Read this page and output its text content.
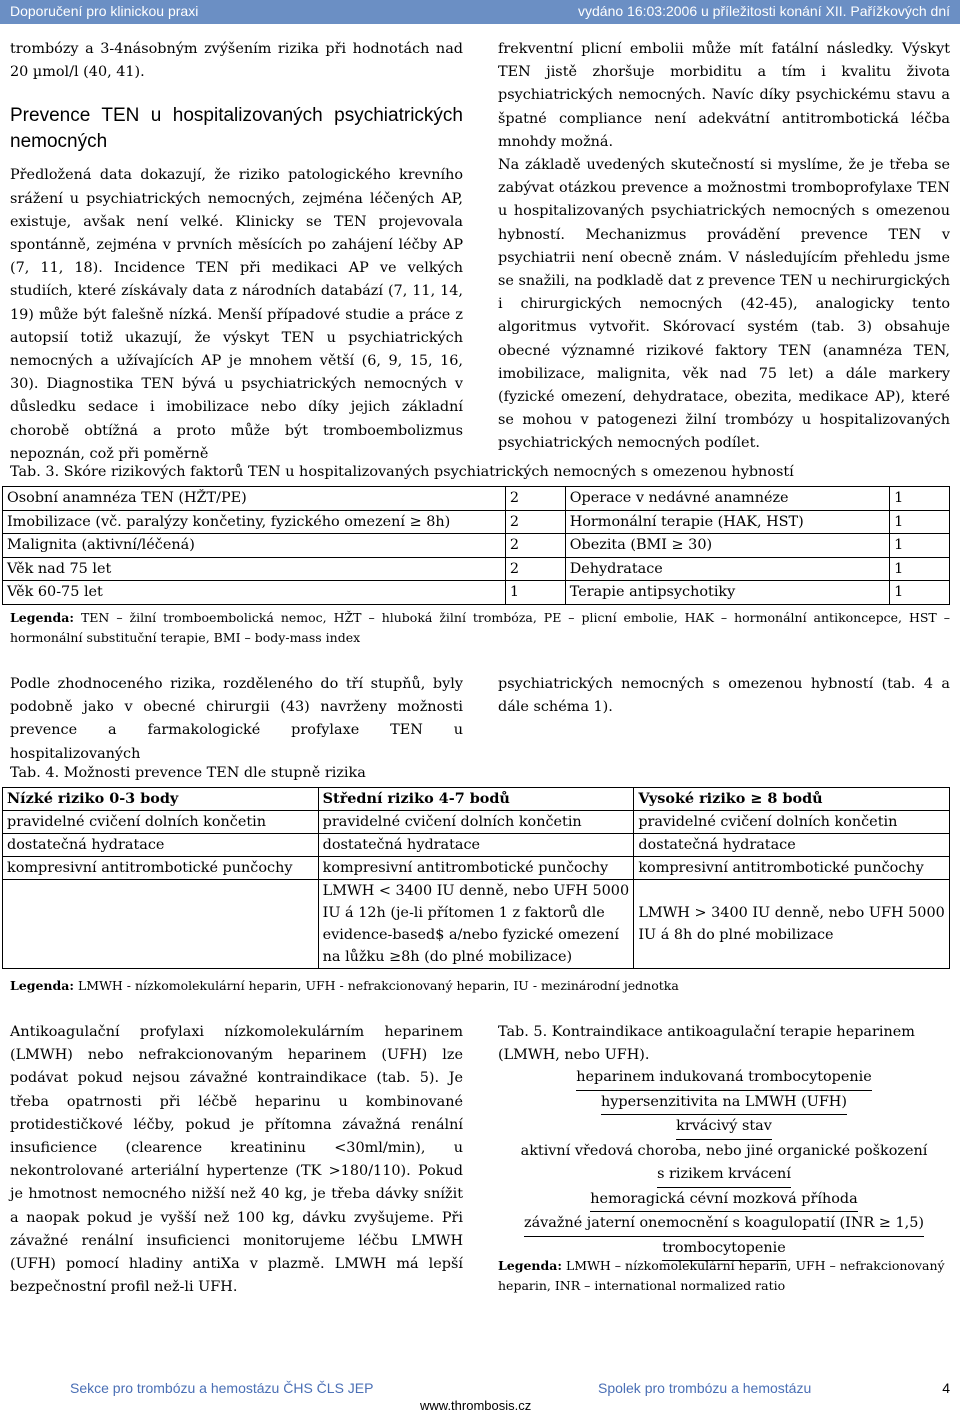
Doporučení pro klinickou praxi	vydáno 16:03:2006 u příležitosti konání XII. Pařížkových dní

trombózy a 3-4násobným zvýšením rizika při hodnotách nad 20 µmol/l (40, 41).

Prevence TEN u hospitalizovaných psychiatrických nemocných

Předložená data dokazují, že riziko patologického krevního srážení u psychiatrických nemocných, zejména léčených AP, existuje, avšak není velké. Klinicky se TEN projevovala spontánně, zejména v prvních měsících po zahájení léčby AP (7, 11, 18). Incidence TEN při medikaci AP ve velkých studiích, které získávaly data z národních databází (7, 11, 14, 19) může být falešně nízká. Menší případové studie a práce z autopsií totiž ukazují, že výskyt TEN u psychiatrických nemocných a užívajících AP je mnohem větší (6, 9, 15, 16, 30). Diagnostika TEN bývá u psychiatrických nemocných v důsledku sedace i imobilizace nebo díky jejich základní chorobě obtížná a proto může být tromboembolizmus nepoznán, což při poměrně

frekventní plicní embolii může mít fatální následky. Výskyt TEN jistě zhoršuje morbiditu a tím i kvalitu života psychiatrických nemocných. Navíc díky psychickému stavu a špatné compliance není adekvátní antitrombotická léčba mnohdy možná.

Na základě uvedených skutečností si myslíme, že je třeba se zabývat otázkou prevence a možnostmi tromboprofylaxe TEN u hospitalizovaných psychiatrických nemocných s omezenou hybností. Mechanizmus provádění prevence TEN v psychiatrii není obecně znám. V následujícím přehledu jsme se snažili, na podkladě dat z prevence TEN u nechirurgických i chirurgických nemocných (42-45), analogicky tento algoritmus vytvořit. Skórovací systém (tab. 3) obsahuje obecné významné rizikové faktory TEN (anamnéza TEN, imobilizace, malignita, věk nad 75 let) a dále markery (fyzické omezení, dehydratace, obezita, medikace AP), které se mohou v patogenezi žilní trombózy u hospitalizovaných psychiatrických nemocných podílet.

Tab. 3. Skóre rizikových faktorů TEN u hospitalizovaných psychiatrických nemocných s omezenou hybností
Osobní anamnéza TEN (HŽT/PE)	2	Operace v nedávné anamnéze	1
Imobilizace (vč. paralýzy končetiny, fyzického omezení ≥ 8h)	2	Hormonální terapie (HAK, HST)	1
Malignita (aktivní/léčená)	2	Obezita (BMI ≥ 30)	1
Věk nad 75 let	2	Dehydratace	1
Věk 60-75 let	1	Terapie antipsychotiky	1
Legenda: TEN – žilní tromboembolická nemoc, HŽT – hluboká žilní trombóza, PE – plicní embolie, HAK – hormonální antikoncepce, HST – hormonální substituční terapie, BMI – body-mass index

Podle zhodnoceného rizika, rozděleného do tří stupňů, byly podobně jako v obecné chirurgii (43) navrženy možnosti prevence a farmakologické profylaxe TEN u hospitalizovaných

psychiatrických nemocných s omezenou hybností (tab. 4 a dále schéma 1).

Tab. 4. Možnosti prevence TEN dle stupně rizika
Nízké riziko 0-3 body	Střední riziko 4-7 bodů	Vysoké riziko ≥ 8 bodů
pravidelné cvičení dolních končetin	pravidelné cvičení dolních končetin	pravidelné cvičení dolních končetin
dostatečná hydratace	dostatečná hydratace	dostatečná hydratace
kompresivní antitrombotické punčochy	kompresivní antitrombotické punčochy	kompresivní antitrombotické punčochy
	LMWH < 3400 IU denně, nebo UFH 5000 IU á 12h (je-li přítomen 1 z faktorů dle evidence-based$ a/nebo fyzické omezení na lůžku ≥8h (do plné mobilizace)	LMWH > 3400 IU denně, nebo UFH 5000 IU á 8h do plné mobilizace
Legenda: LMWH - nízkomolekulární heparin, UFH - nefrakcionovaný heparin, IU - mezinárodní jednotka

Antikoagulační profylaxi nízkomolekulárním heparinem (LMWH) nebo nefrakcionovaným heparinem (UFH) lze podávat pokud nejsou závažné kontraindikace (tab. 5). Je třeba opatrnosti při léčbě heparinu u kombinované protidestičkové léčby, pokud je přítomna závažná renální insuficience (clearence kreatininu <30ml/min), u nekontrolované arteriální hypertenze (TK >180/110). Pokud je hmotnost nemocného nižší než 40 kg, je třeba dávky snížit a naopak pokud je vyšší než 100 kg, dávku zvyšujeme. Při závažné renální insuficienci monitorujeme léčbu LMWH (UFH) pomocí hladiny antiXa v plazmě. LMWH má lepší bezpečnostní profil než-li UFH.

Tab. 5. Kontraindikace antikoagulační terapie heparinem (LMWH, nebo UFH).
heparinem indukovaná trombocytopenie
hypersenzitivita na LMWH (UFH)
krvácivý stav
aktivní vředová choroba, nebo jiné organické poškození
s rizikem krvácení
hemoragická cévní mozková příhoda
závažné jaterní onemocnění s koagulopatií (INR ≥ 1,5)
trombocytopenie
Legenda: LMWH – nízkomolekulární heparin, UFH – nefrakcionovaný heparin, INR – international normalized ratio
Sekce pro trombózu a hemostázu ČHS ČLS JEP	Spolek pro trombózu a hemostázu	4
www.thrombosis.cz
